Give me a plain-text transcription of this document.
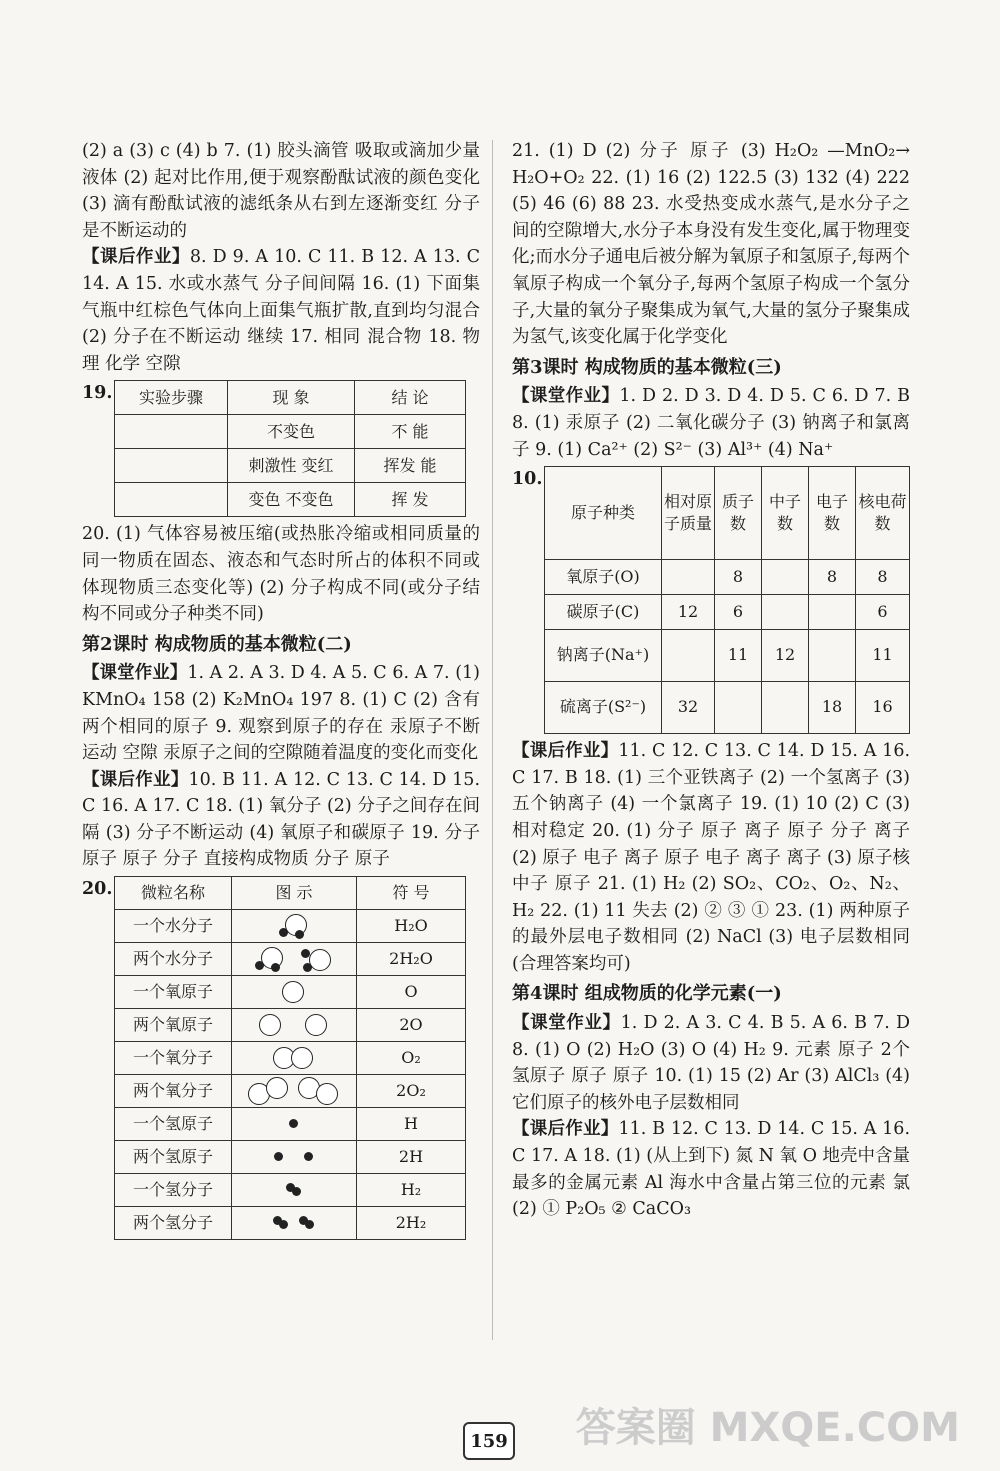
(2) a (3) c (4) b 7. (1) 胶头滴管 吸取或滴加少量液体 (2) 起对比作用,便于观察酚酞试液的颜色变化 (3) 滴有酚酞试液的滤纸条从右到左逐渐变红 分子是不断运动的

【课后作业】8. D 9. A 10. C 11. B 12. A 13. C 14. A 15. 水或水蒸气 分子间间隔 16. (1) 下面集气瓶中红棕色气体向上面集气瓶扩散,直到均匀混合 (2) 分子在不断运动 继续 17. 相同 混合物 18. 物理 化学 空隙

19. 实验步骤	现 象	结 论
	不变色	不 能
	刺激性 变红	挥发 能
	变色 不变色	挥 发

20. (1) 气体容易被压缩(或热胀冷缩或相同质量的同一物质在固态、液态和气态时所占的体积不同或体现物质三态变化等) (2) 分子构成不同(或分子结构不同或分子种类不同)

第2课时 构成物质的基本微粒(二)

【课堂作业】1. A 2. A 3. D 4. A 5. C 6. A 7. (1) KMnO₄ 158 (2) K₂MnO₄ 197 8. (1) C (2) 含有两个相同的原子 9. 观察到原子的存在 汞原子不断运动 空隙 汞原子之间的空隙随着温度的变化而变化

【课后作业】10. B 11. A 12. C 13. C 14. D 15. C 16. A 17. C 18. (1) 氧分子 (2) 分子之间存在间隔 (3) 分子不断运动 (4) 氧原子和碳原子 19. 分子 原子 原子 分子 直接构成物质 分子 原子

20. 微粒名称	图 示	符 号
一个水分子		H₂O
两个水分子		2H₂O
一个氧原子		O
两个氧原子		2O
一个氧分子		O₂
两个氧分子		2O₂
一个氢原子		H
两个氢原子		2H
一个氢分子		H₂
两个氢分子		2H₂

21. (1) D (2) 分子 原子 (3) H₂O₂ —MnO₂→ H₂O+O₂ 22. (1) 16 (2) 122.5 (3) 132 (4) 222 (5) 46 (6) 88 23. 水受热变成水蒸气,是水分子之间的空隙增大,水分子本身没有发生变化,属于物理变化;而水分子通电后被分解为氧原子和氢原子,每两个氧原子构成一个氧分子,每两个氢原子构成一个氢分子,大量的氧分子聚集成为氧气,大量的氢分子聚集成为氢气,该变化属于化学变化

第3课时 构成物质的基本微粒(三)

【课堂作业】1. D 2. D 3. D 4. D 5. C 6. D 7. B 8. (1) 汞原子 (2) 二氧化碳分子 (3) 钠离子和氯离子 9. (1) Ca²⁺ (2) S²⁻ (3) Al³⁺ (4) Na⁺

10.
原子种类	相对原子质量	质子数	中子数	电子数	核电荷数
氧原子(O)		8		8	8
碳原子(C)	12	6			6
钠离子(Na⁺)		11	12		11
硫离子(S²⁻)	32			18	16

【课后作业】11. C 12. C 13. C 14. D 15. A 16. C 17. B 18. (1) 三个亚铁离子 (2) 一个氢离子 (3) 五个钠离子 (4) 一个氯离子 19. (1) 10 (2) C (3) 相对稳定 20. (1) 分子 原子 离子 原子 分子 离子 (2) 原子 电子 离子 原子 电子 离子 离子 (3) 原子核 中子 原子 21. (1) H₂ (2) SO₂、CO₂、O₂、N₂、H₂ 22. (1) 11 失去 (2) ② ③ ① 23. (1) 两种原子的最外层电子数相同 (2) NaCl (3) 电子层数相同(合理答案均可)

第4课时 组成物质的化学元素(一)

【课堂作业】1. D 2. A 3. C 4. B 5. A 6. B 7. D 8. (1) O (2) H₂O (3) O (4) H₂ 9. 元素 原子 2个氢原子 原子 原子 10. (1) 15 (2) Ar (3) AlCl₃ (4) 它们原子的核外电子层数相同

【课后作业】11. B 12. C 13. D 14. C 15. A 16. C 17. A 18. (1) (从上到下) 氮 N 氧 O 地壳中含量最多的金属元素 Al 海水中含量占第三位的元素 氯 (2) ① P₂O₅ ② CaCO₃

159 答案圈 MXQE.COM
